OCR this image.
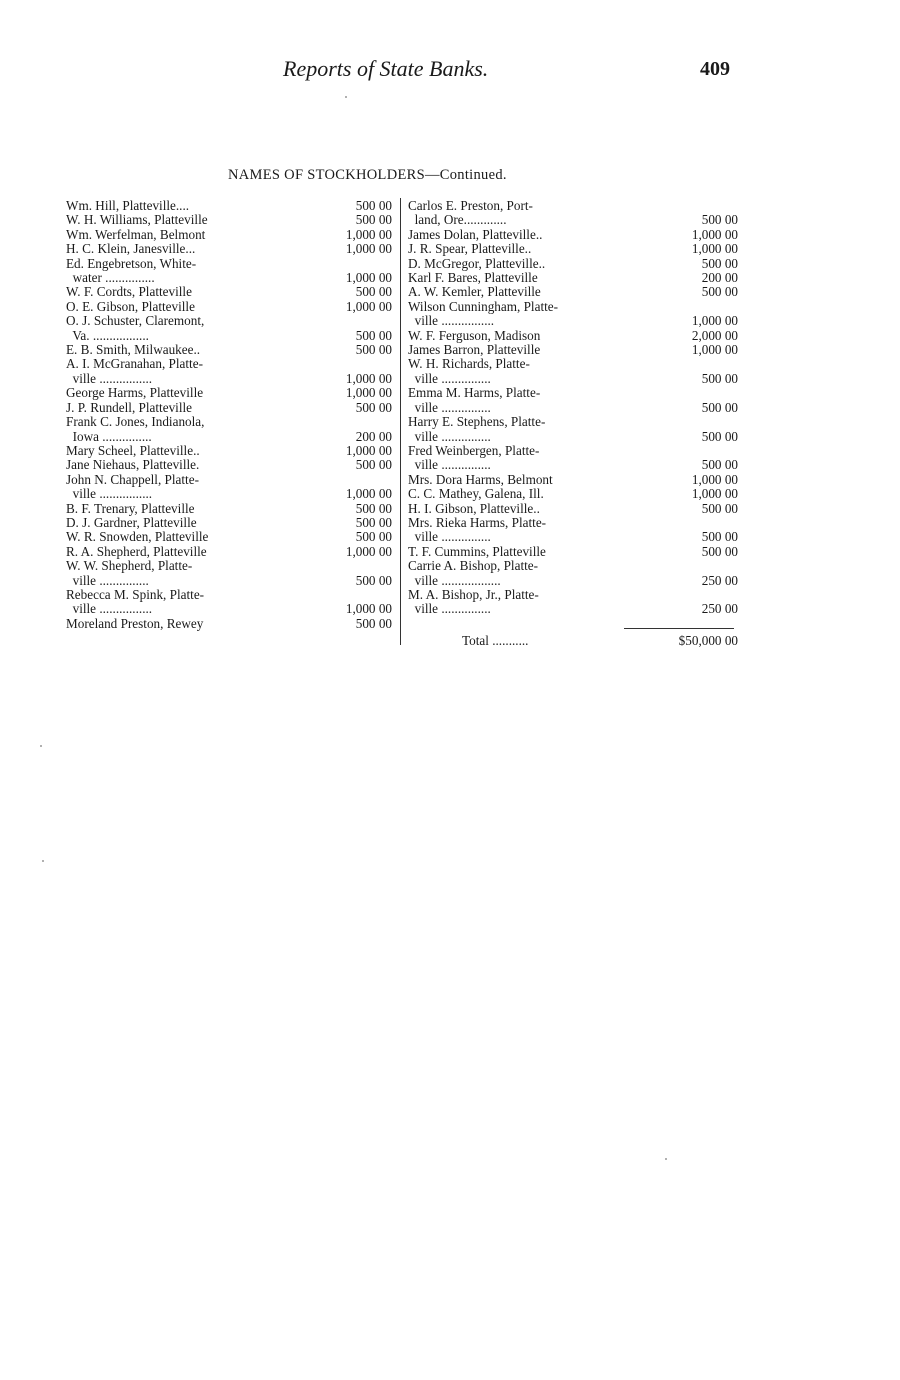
Reports of State Banks.	409
NAMES OF STOCKHOLDERS—Continued.
Wm. Hill, Platteville....	500 00
W. H. Williams, Platteville	500 00
Wm. Werfelman, Belmont	1,000 00
H. C. Klein, Janesville...	1,000 00
Ed. Engebretson, White-
water ...............	1,000 00
W. F. Cordts, Platteville	500 00
O. E. Gibson, Platteville	1,000 00
O. J. Schuster, Claremont,
Va. .................	500 00
E. B. Smith, Milwaukee..	500 00
A. I. McGranahan, Platte-
ville ................	1,000 00
George Harms, Platteville	1,000 00
J. P. Rundell, Platteville	500 00
Frank C. Jones, Indianola,
Iowa ...............	200 00
Mary Scheel, Platteville..	1,000 00
Jane Niehaus, Platteville.	500 00
John N. Chappell, Platte-
ville ................	1,000 00
B. F. Trenary, Platteville	500 00
D. J. Gardner, Platteville	500 00
W. R. Snowden, Platteville	500 00
R. A. Shepherd, Platteville	1,000 00
W. W. Shepherd, Platte-
ville ...............	500 00
Rebecca M. Spink, Platte-
ville ................	1,000 00
Moreland Preston, Rewey	500 00
Carlos E. Preston, Port-
land, Ore.............	500 00
James Dolan, Platteville..	1,000 00
J. R. Spear, Platteville..	1,000 00
D. McGregor, Platteville..	500 00
Karl F. Bares, Platteville	200 00
A. W. Kemler, Platteville	500 00
Wilson Cunningham, Platte-
ville ................	1,000 00
W. F. Ferguson, Madison	2,000 00
James Barron, Platteville	1,000 00
W. H. Richards, Platte-
ville ...............	500 00
Emma M. Harms, Platte-
ville ...............	500 00
Harry E. Stephens, Platte-
ville ...............	500 00
Fred Weinbergen, Platte-
ville ...............	500 00
Mrs. Dora Harms, Belmont	1,000 00
C. C. Mathey, Galena, Ill.	1,000 00
H. I. Gibson, Platteville..	500 00
Mrs. Rieka Harms, Platte-
ville ...............	500 00
T. F. Cummins, Platteville	500 00
Carrie A. Bishop, Platte-
ville ..................	250 00
M. A. Bishop, Jr., Platte-
ville ...............	250 00
Total ...........	$50,000 00
